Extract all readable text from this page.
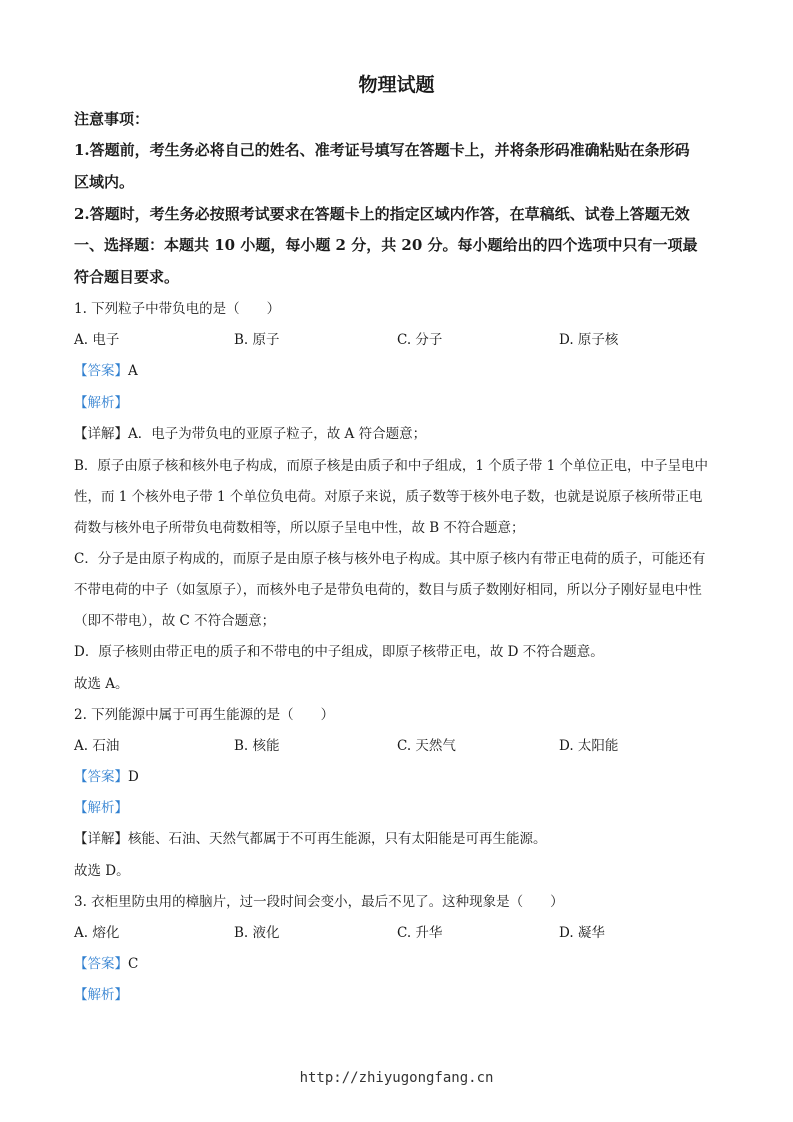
物理试题
注意事项：
1.答题前，考生务必将自己的姓名、准考证号填写在答题卡上，并将条形码准确粘贴在条形码
区域内。
2.答题时，考生务必按照考试要求在答题卡上的指定区域内作答，在草稿纸、试卷上答题无效
一、选择题：本题共 10 小题，每小题 2 分，共 20 分。每小题给出的四个选项中只有一项最
符合题目要求。
1. 下列粒子中带负电的是（　　）
A. 电子	B. 原子	C. 分子	D. 原子核
【答案】A
【解析】
【详解】A．电子为带负电的亚原子粒子，故 A 符合题意；
B．原子由原子核和核外电子构成，而原子核是由质子和中子组成，1 个质子带 1 个单位正电，中子呈电中
性，而 1 个核外电子带 1 个单位负电荷。对原子来说，质子数等于核外电子数，也就是说原子核所带正电
荷数与核外电子所带负电荷数相等，所以原子呈电中性，故 B 不符合题意；
C．分子是由原子构成的，而原子是由原子核与核外电子构成。其中原子核内有带正电荷的质子，可能还有
不带电荷的中子（如氢原子），而核外电子是带负电荷的，数目与质子数刚好相同，所以分子刚好显电中性
（即不带电），故 C 不符合题意；
D．原子核则由带正电的质子和不带电的中子组成，即原子核带正电，故 D 不符合题意。
故选 A。
2. 下列能源中属于可再生能源的是（　　）
A. 石油	B. 核能	C. 天然气	D. 太阳能
【答案】D
【解析】
【详解】核能、石油、天然气都属于不可再生能源，只有太阳能是可再生能源。
故选 D。
3. 衣柜里防虫用的樟脑片，过一段时间会变小，最后不见了。这种现象是（　　）
A. 熔化	B. 液化	C. 升华	D. 凝华
【答案】C
【解析】
http://zhiyugongfang.cn
